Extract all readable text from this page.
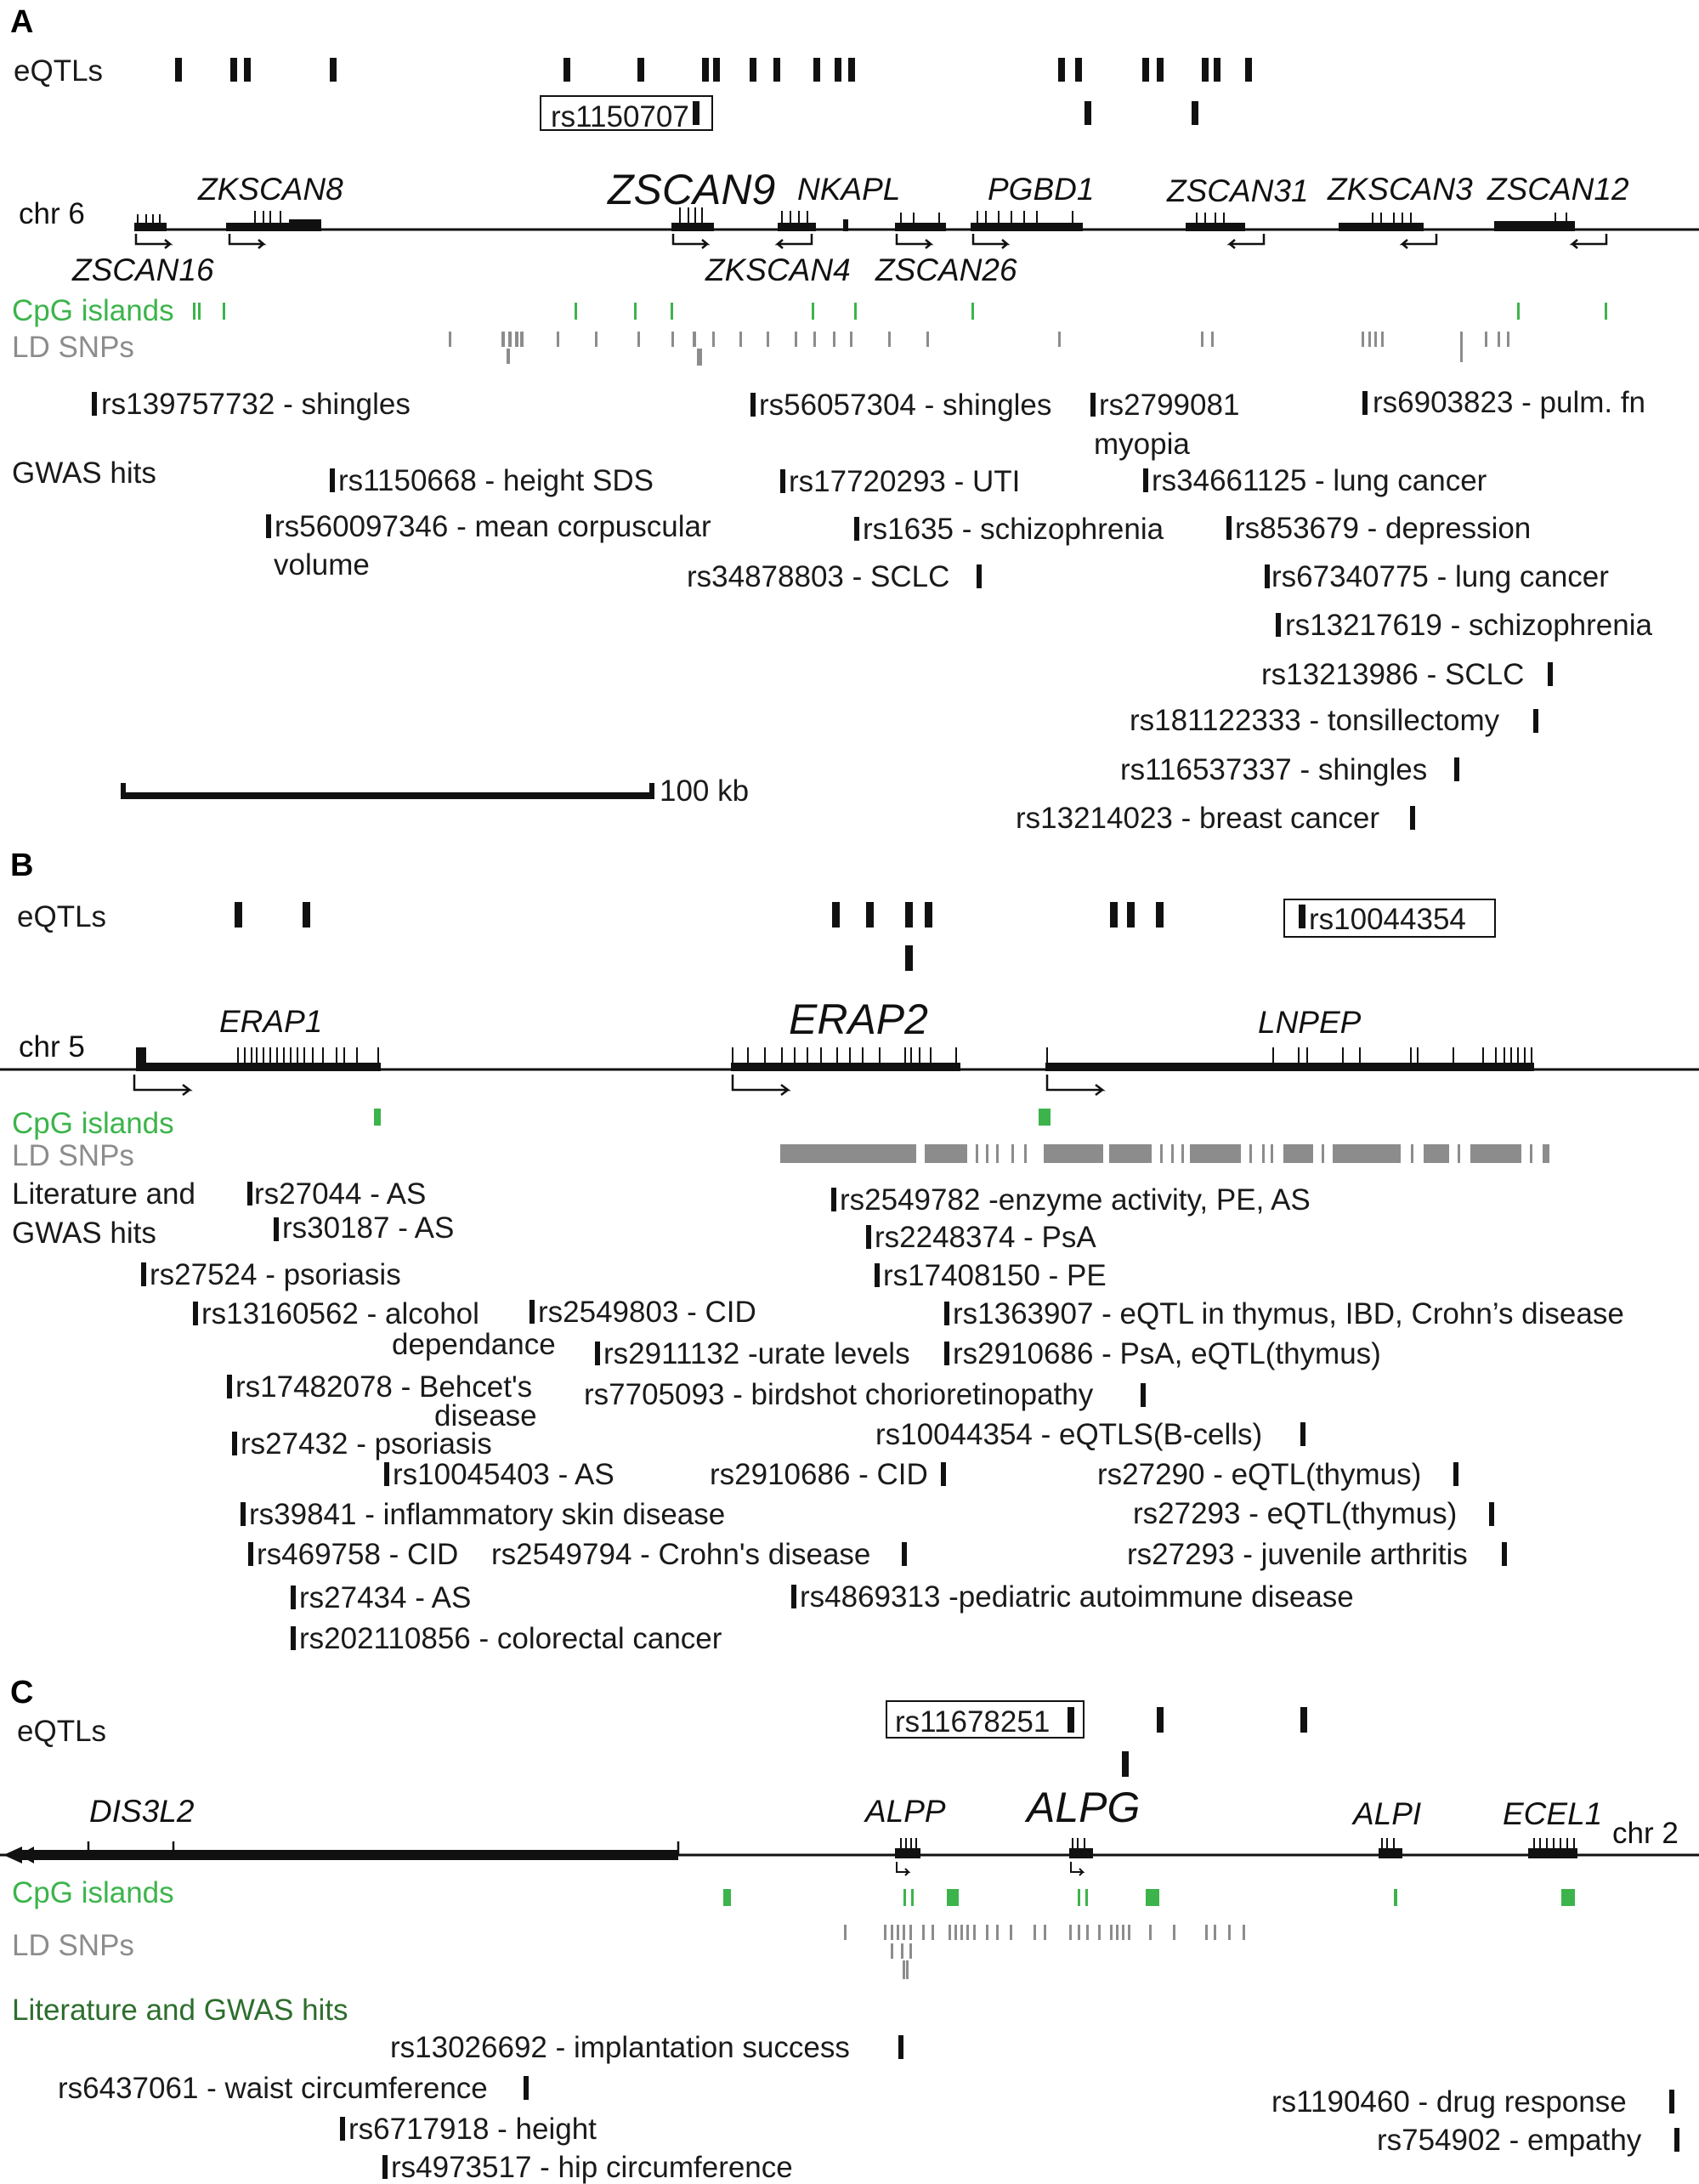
A
eQTLs
rs1150707
chr 6
ZKSCAN8	ZSCAN9 NKAPL	PGBD1 ZSCAN31 ZKSCAN3 ZSCAN12
ZSCAN16	ZKSCAN4 ZSCAN26
CpG islands
LD SNPs
GWAS hits
rs139757732 - shingles	rs56057304 - shingles rs2799081
myopia
rs6903823 - pulm. fn
rs1150668 - height SDS	rs17720293 - UTI	rs34661125 - lung cancer
rs560097346 - mean corpuscular
volume
rs1635 - schizophrenia rs853679 - depression
rs34878803 - SCLC	rs67340775 - lung cancer
rs13217619 - schizophrenia
rs13213986 - SCLC
rs181122333 - tonsillectomy
rs116537337 - shingles
rs13214023 - breast cancer
100 kb
B
eQTLs	rs10044354
chr 5
ERAP1	ERAP2	LNPEP
CpG islands
LD SNPs
Literature and
GWAS hits
rs27044 - AS
rs30187 - AS
rs27524 - psoriasis
rs13160562 - alcohol
dependance
rs2549803 - CID
rs17482078 - Behcet's
disease
rs27432 - psoriasis
rs10045403 - AS
rs39841 - inflammatory skin disease
rs469758 - CID rs2549794 - Crohn's disease
rs27434 - AS
rs202110856 - colorectal cancer
rs2549782 -enzyme activity, PE, AS
rs2248374 - PsA
rs17408150 - PE
rs1363907 - eQTL in thymus, IBD, Crohn’s disease
rs2911132 -urate levels rs2910686 - PsA, eQTL(thymus)
rs7705093 - birdshot chorioretinopathy
rs10044354 - eQTLS(B-cells)
rs2910686 - CID	rs27290 - eQTL(thymus)
rs27293 - eQTL(thymus)
rs27293 - juvenile arthritis
rs4869313 -pediatric autoimmune disease
C
eQTLs	rs11678251
chr 2
DIS3L2	ALPP ALPG	ALPI	ECEL1
CpG islands
LD SNPs
Literature and GWAS hits
rs13026692 - implantation success
rs6437061 - waist circumference
rs6717918 - height
rs4973517 - hip circumference
rs1190460 - drug response
rs754902 - empathy
